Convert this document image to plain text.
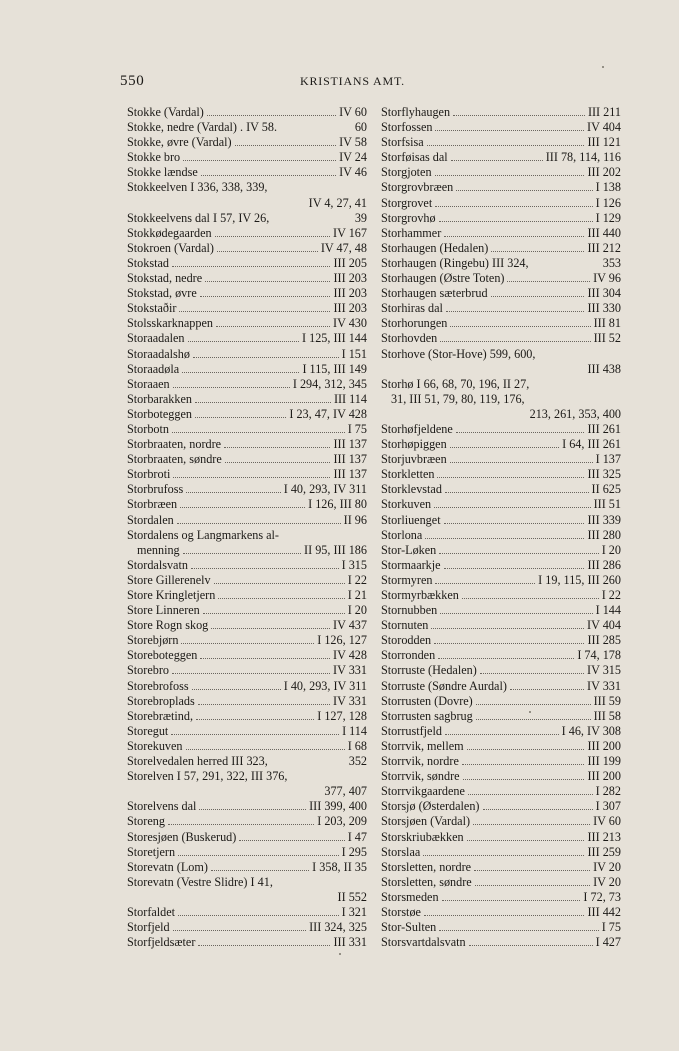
550	KRISTIANS AMT.
Stokke (Vardal)	IV 60
Stokke, nedre (Vardal) . IV 58.	60
Stokke, øvre (Vardal)	IV 58
Stokke bro	IV 24
Stokke lændse	IV 46
Stokkeelven I 336, 338, 339,
IV 4, 27, 41
Stokkeelvens dal I 57, IV 26,	39
Stokkødegaarden	IV 167
Stokroen (Vardal)	IV 47, 48
Stokstad	III 205
Stokstad, nedre	III 203
Stokstad, øvre	III 203
Stokstaðir	III 203
Stolsskarknappen	IV 430
Storaadalen	I 125, III 144
Storaadalshø	I 151
Storaadøla	I 115, III 149
Storaaen	I 294, 312, 345
Storbarakken	III 114
Storboteggen	I 23, 47, IV 428
Storbotn	I 75
Storbraaten, nordre	III 137
Storbraaten, søndre	III 137
Storbroti	III 137
Storbrufoss	I 40, 293, IV 311
Storbræen	I 126, III 80
Stordalen	II 96
Stordalens og Langmarkens al-
menning	II 95, III 186
Stordalsvatn	I 315
Store Gillerenelv	I 22
Store Kringletjern	I 21
Store Linneren	I 20
Store Rogn skog	IV 437
Storebjørn	I 126, 127
Storeboteggen	IV 428
Storebro	IV 331
Storebrofoss	I 40, 293, IV 311
Storebroplads	IV 331
Storebrætind,	I 127, 128
Storegut	I 114
Storekuven	I 68
Storelvedalen herred III 323,	352
Storelven I 57, 291, 322, III 376,
377, 407
Storelvens dal	III 399, 400
Storeng	I 203, 209
Storesjøen (Buskerud)	I 47
Storetjern	I 295
Storevatn (Lom)	I 358, II 35
Storevatn (Vestre Slidre) I 41,
II 552
Storfaldet	I 321
Storfjeld	III 324, 325
Storfjeldsæter	III 331
Storflyhaugen	III 211
Storfossen	IV 404
Storfsisa	III 121
Storføisas dal	III 78, 114, 116
Storgjoten	III 202
Storgrovbræen	I 138
Storgrovet	I 126
Storgrovhø	I 129
Storhammer	III 440
Storhaugen (Hedalen)	III 212
Storhaugen (Ringebu) III 324,	353
Storhaugen (Østre Toten)	IV 96
Storhaugen sæterbrud	III 304
Storhiras dal	III 330
Storhorungen	III 81
Storhovden	III 52
Storhove (Stor-Hove) 599, 600,
III 438
Storhø I 66, 68, 70, 196, II 27,
31, III 51, 79, 80, 119, 176,
213, 261, 353, 400
Storhøfjeldene	III 261
Storhøpiggen	I 64, III 261
Storjuvbræen	I 137
Storkletten	III 325
Storklevstad	II 625
Storkuven	III 51
Storliuenget	III 339
Storlona	III 280
Stor-Løken	I 20
Stormaarkje	III 286
Stormyren	I 19, 115, III 260
Stormyrbækken	I 22
Stornubben	I 144
Stornuten	IV 404
Storodden	III 285
Storronden	I 74, 178
Storruste (Hedalen)	IV 315
Storruste (Søndre Aurdal)	IV 331
Storrusten (Dovre)	III 59
Storrusten sagbrug	III 58
Storrustfjeld	I 46, IV 308
Storrvik, mellem	III 200
Storrvik, nordre	III 199
Storrvik, søndre	III 200
Storrvikgaardene	I 282
Storsjø (Østerdalen)	I 307
Storsjøen (Vardal)	IV 60
Storskriubækken	III 213
Storslaa	III 259
Storsletten, nordre	IV 20
Storsletten, søndre	IV 20
Storsmeden	I 72, 73
Storstøe	III 442
Stor-Sulten	I 75
Storsvartdalsvatn	I 427
